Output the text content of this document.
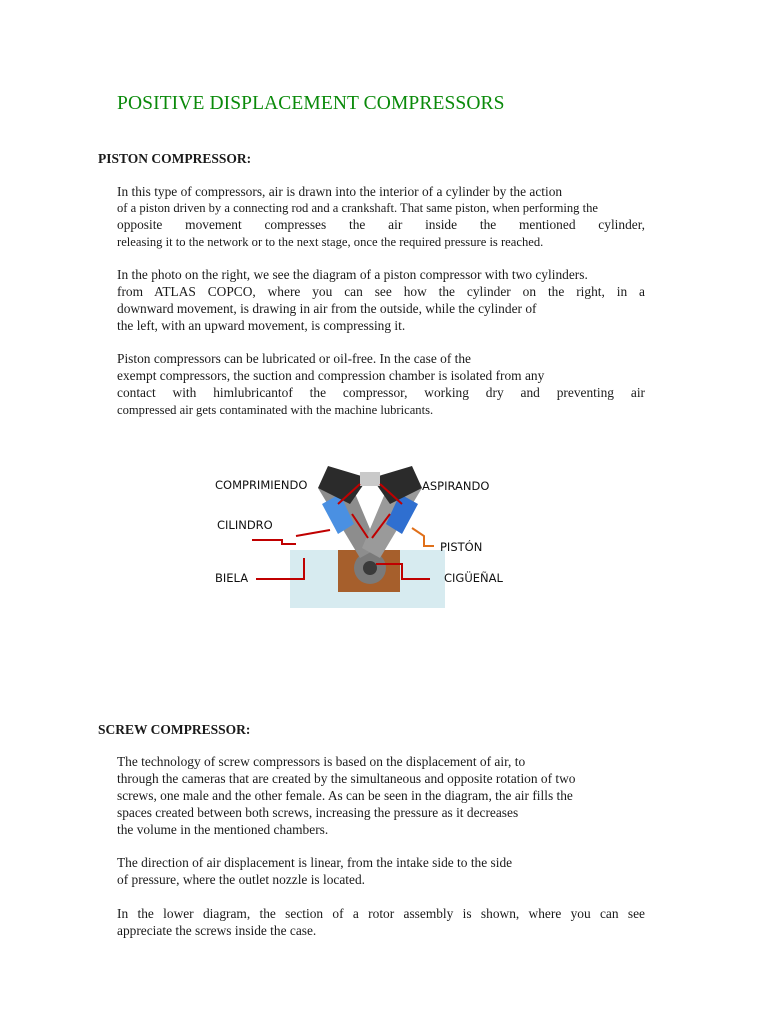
POSITIVE DISPLACEMENT COMPRESSORS
PISTON COMPRESSOR:
In this type of compressors, air is drawn into the interior of a cylinder by the action
of a piston driven by a connecting rod and a crankshaft. That same piston, when performing the
opposite movement compresses the air inside the mentioned cylinder,
releasing it to the network or to the next stage, once the required pressure is reached.
In the photo on the right, we see the diagram of a piston compressor with two cylinders.
from ATLAS COPCO, where you can see how the cylinder on the right, in a
downward movement, is drawing in air from the outside, while the cylinder of
the left, with an upward movement, is compressing it.
Piston compressors can be lubricated or oil-free. In the case of the
exempt compressors, the suction and compression chamber is isolated from any
contact with himlubricantof the compressor, working dry and preventing air
compressed air gets contaminated with the machine lubricants.
COMPRIMIENDO	ASPIRANDO
CILINDRO
PISTÓN
BIELA	CIGÜEÑAL
SCREW COMPRESSOR:
The technology of screw compressors is based on the displacement of air, to
through the cameras that are created by the simultaneous and opposite rotation of two
screws, one male and the other female. As can be seen in the diagram, the air fills the
spaces created between both screws, increasing the pressure as it decreases
the volume in the mentioned chambers.
The direction of air displacement is linear, from the intake side to the side
of pressure, where the outlet nozzle is located.
In the lower diagram, the section of a rotor assembly is shown, where you can see
appreciate the screws inside the case.
